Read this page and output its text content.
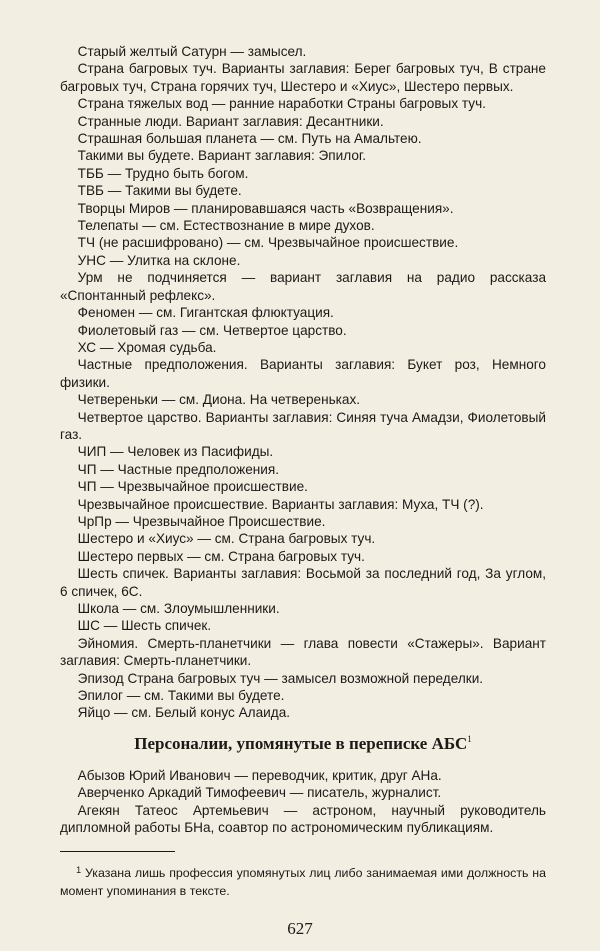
Старый желтый Сатурн — замысел.

Страна багровых туч. Варианты заглавия: Берег багровых туч, В стране багровых туч, Страна горячих туч, Шестеро и «Хиус», Шестеро первых.

Страна тяжелых вод — ранние наработки Страны багровых туч.

Странные люди. Вариант заглавия: Десантники.

Страшная большая планета — см. Путь на Амальтею.

Такими вы будете. Вариант заглавия: Эпилог.

ТББ — Трудно быть богом.

ТВБ — Такими вы будете.

Творцы Миров — планировавшаяся часть «Возвращения».

Телепаты — см. Естествознание в мире духов.

ТЧ (не расшифровано) — см. Чрезвычайное происшествие.

УНС — Улитка на склоне.

Урм не подчиняется — вариант заглавия на радио рассказа «Спонтанный рефлекс».

Феномен — см. Гигантская флюктуация.

Фиолетовый газ — см. Четвертое царство.

ХС — Хромая судьба.

Частные предположения. Варианты заглавия: Букет роз, Немного физики.

Четвереньки — см. Диона. На четвереньках.

Четвертое царство. Варианты заглавия: Синяя туча Амадзи, Фиолетовый газ.

ЧИП — Человек из Пасифиды.

ЧП — Частные предположения.

ЧП — Чрезвычайное происшествие.

Чрезвычайное происшествие. Варианты заглавия: Муха, ТЧ (?).

ЧрПр — Чрезвычайное Происшествие.

Шестеро и «Хиус» — см. Страна багровых туч.

Шестеро первых — см. Страна багровых туч.

Шесть спичек. Варианты заглавия: Восьмой за последний год, За углом, 6 спичек, 6С.

Школа — см. Злоумышленники.

ШС — Шесть спичек.

Эйномия. Смерть-планетчики — глава повести «Стажеры». Вариант заглавия: Смерть-планетчики.

Эпизод Страна багровых туч — замысел возможной переделки.

Эпилог — см. Такими вы будете.

Яйцо — см. Белый конус Алаида.

Персоналии, упомянутые в переписке АБС$^1$

Абызов Юрий Иванович — переводчик, критик, друг АНа.

Аверченко Аркадий Тимофеевич — писатель, журналист.

Агекян Татеос Артемьевич — астроном, научный руководитель дипломной работы БНа, соавтор по астрономическим публикациям.

$^1$ Указана лишь профессия упомянутых лиц либо занимаемая ими должность на момент упоминания в тексте.

627
